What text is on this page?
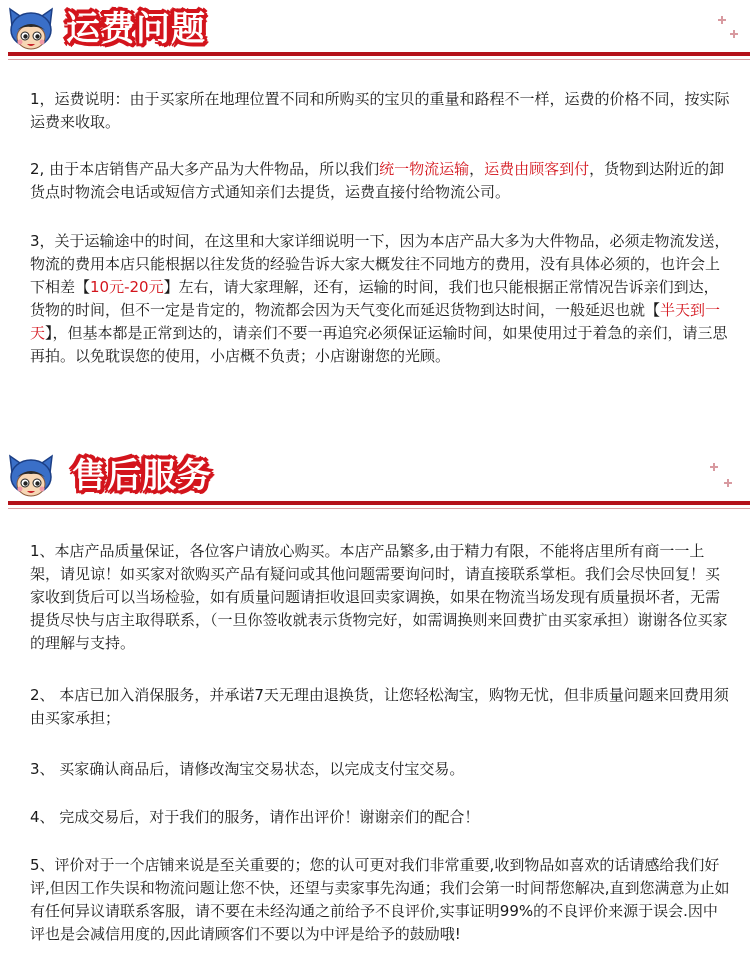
运费问题

1，运费说明：由于买家所在地理位置不同和所购买的宝贝的重量和路程不一样，运费的价格不同，按实际运费来收取。

2, 由于本店销售产品大多产品为大件物品，所以我们统一物流运输，运费由顾客到付，货物到达附近的卸货点时物流会电话或短信方式通知亲们去提货，运费直接付给物流公司。

3，关于运输途中的时间，在这里和大家详细说明一下，因为本店产品大多为大件物品，必须走物流发送，物流的费用本店只能根据以往发货的经验告诉大家大概发往不同地方的费用，没有具体必须的，也许会上下相差【10元-20元】左右，请大家理解，还有，运输的时间，我们也只能根据正常情况告诉亲们到达，货物的时间，但不一定是肯定的，物流都会因为天气变化而延迟货物到达时间，一般延迟也就【半天到一天】，但基本都是正常到达的，请亲们不要一再追究必须保证运输时间，如果使用过于着急的亲们，请三思再拍。以免耽误您的使用，小店概不负责；小店谢谢您的光顾。

售后服务

1、本店产品质量保证，各位客户请放心购买。本店产品繁多,由于精力有限，不能将店里所有商一一上架，请见谅！如买家对欲购买产品有疑问或其他问题需要询问时，请直接联系掌柜。我们会尽快回复！买家收到货后可以当场检验，如有质量问题请拒收退回卖家调换，如果在物流当场发现有质量损坏者，无需提货尽快与店主取得联系，（一旦你签收就表示货物完好，如需调换则来回费扩由买家承担）谢谢各位买家的理解与支持。

2、 本店已加入消保服务，并承诺7天无理由退换货，让您轻松淘宝，购物无忧，但非质量问题来回费用须由买家承担；

3、 买家确认商品后，请修改淘宝交易状态，以完成支付宝交易。

4、 完成交易后，对于我们的服务，请作出评价！谢谢亲们的配合！

5、评价对于一个店铺来说是至关重要的；您的认可更对我们非常重要,收到物品如喜欢的话请感给我们好评,但因工作失误和物流问题让您不快，还望与卖家事先沟通；我们会第一时间帮您解决,直到您满意为止如有任何异议请联系客服，请不要在未经沟通之前给予不良评价,实事证明99%的不良评价来源于误会.因中评也是会减信用度的,因此请顾客们不要以为中评是给予的鼓励哦!
